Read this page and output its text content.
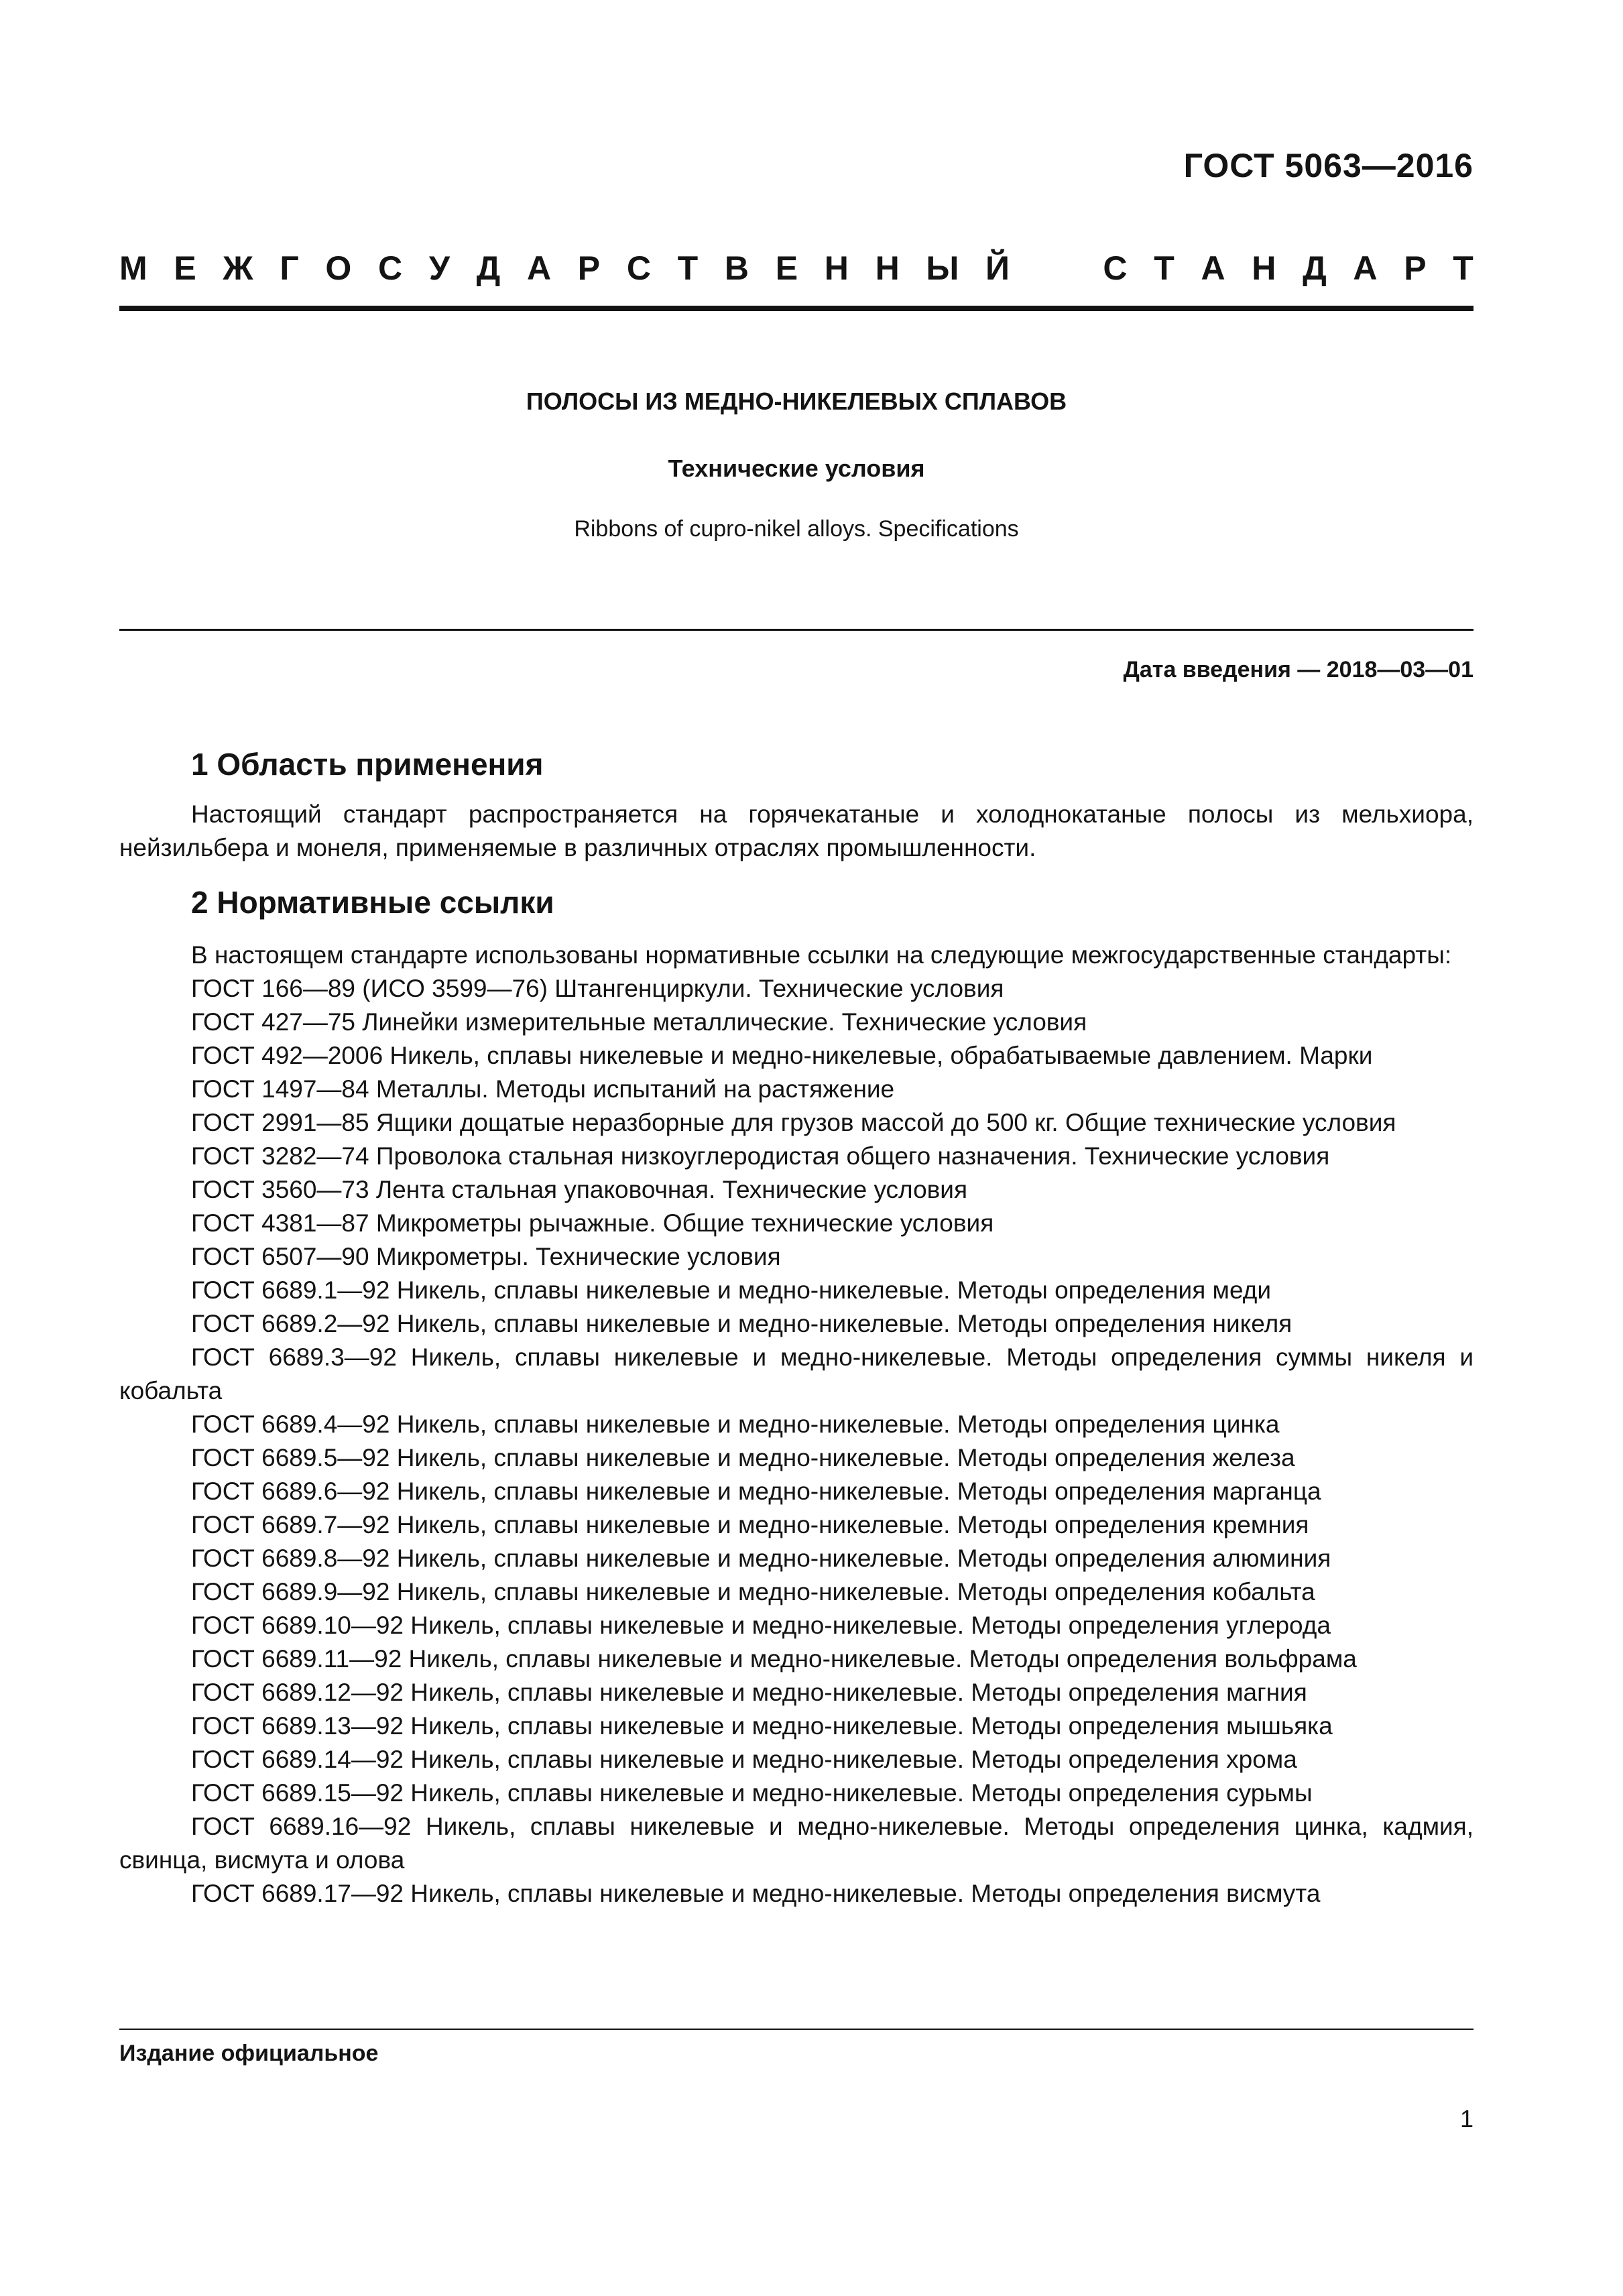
ГОСТ 5063—2016
М Е Ж Г О С У Д А Р С Т В Е Н Н Ы Й	С Т А Н Д А Р Т
ПОЛОСЫ ИЗ МЕДНО-НИКЕЛЕВЫХ СПЛАВОВ
Технические условия
Ribbons of cupro-nikel alloys. Specifications
Дата введения — 2018—03—01
1 Область применения

Настоящий стандарт распространяется на горячекатаные и холоднокатаные полосы из мельхиора, нейзильбера и монеля, применяемые в различных отраслях промышленности.

2 Нормативные ссылки

В настоящем стандарте использованы нормативные ссылки на следующие межгосударственные стандарты:

ГОСТ 166—89 (ИСО 3599—76) Штангенциркули. Технические условия
ГОСТ 427—75 Линейки измерительные металлические. Технические условия
ГОСТ 492—2006 Никель, сплавы никелевые и медно-никелевые, обрабатываемые давлением. Марки
ГОСТ 1497—84 Металлы. Методы испытаний на растяжение
ГОСТ 2991—85 Ящики дощатые неразборные для грузов массой до 500 кг. Общие технические условия
ГОСТ 3282—74 Проволока стальная низкоуглеродистая общего назначения. Технические условия
ГОСТ 3560—73 Лента стальная упаковочная. Технические условия
ГОСТ 4381—87 Микрометры рычажные. Общие технические условия
ГОСТ 6507—90 Микрометры. Технические условия
ГОСТ 6689.1—92 Никель, сплавы никелевые и медно-никелевые. Методы определения меди
ГОСТ 6689.2—92 Никель, сплавы никелевые и медно-никелевые. Методы определения никеля
ГОСТ 6689.3—92 Никель, сплавы никелевые и медно-никелевые. Методы определения суммы никеля и кобальта
ГОСТ 6689.4—92 Никель, сплавы никелевые и медно-никелевые. Методы определения цинка
ГОСТ 6689.5—92 Никель, сплавы никелевые и медно-никелевые. Методы определения железа
ГОСТ 6689.6—92 Никель, сплавы никелевые и медно-никелевые. Методы определения марганца
ГОСТ 6689.7—92 Никель, сплавы никелевые и медно-никелевые. Методы определения кремния
ГОСТ 6689.8—92 Никель, сплавы никелевые и медно-никелевые. Методы определения алюминия
ГОСТ 6689.9—92 Никель, сплавы никелевые и медно-никелевые. Методы определения кобальта
ГОСТ 6689.10—92 Никель, сплавы никелевые и медно-никелевые. Методы определения углерода
ГОСТ 6689.11—92 Никель, сплавы никелевые и медно-никелевые. Методы определения вольфрама
ГОСТ 6689.12—92 Никель, сплавы никелевые и медно-никелевые. Методы определения магния
ГОСТ 6689.13—92 Никель, сплавы никелевые и медно-никелевые. Методы определения мышьяка
ГОСТ 6689.14—92 Никель, сплавы никелевые и медно-никелевые. Методы определения хрома
ГОСТ 6689.15—92 Никель, сплавы никелевые и медно-никелевые. Методы определения сурьмы
ГОСТ 6689.16—92 Никель, сплавы никелевые и медно-никелевые. Методы определения цинка, кадмия, свинца, висмута и олова
ГОСТ 6689.17—92 Никель, сплавы никелевые и медно-никелевые. Методы определения висмута
Издание официальное
1
